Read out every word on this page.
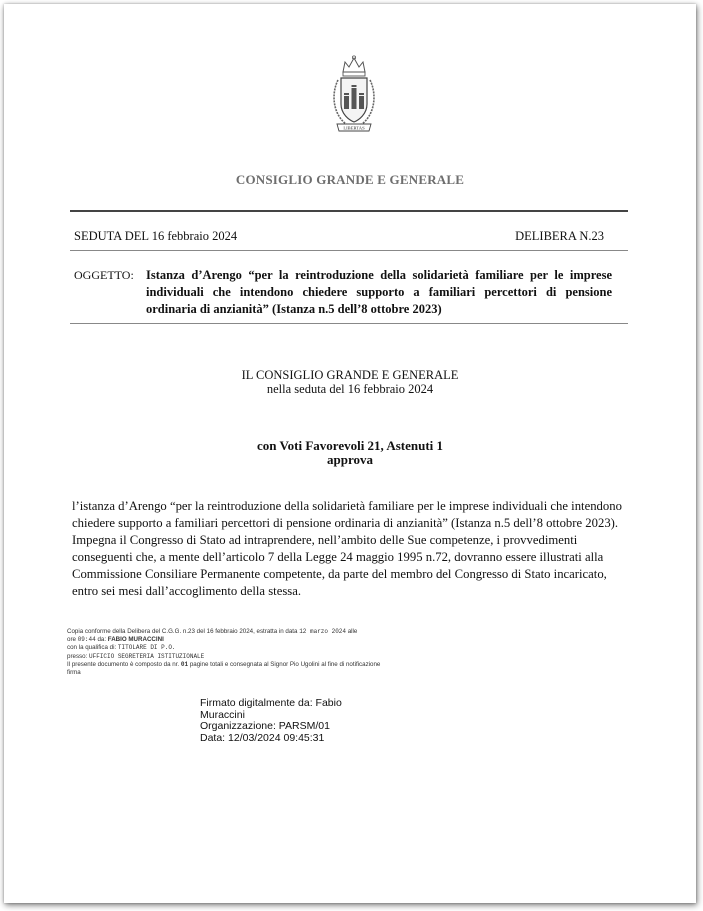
LIBERTAS
CONSIGLIO GRANDE E GENERALE
SEDUTA DEL 16 febbraio 2024	DELIBERA N.23
OGGETTO: Istanza d’Arengo “per la reintroduzione della solidarietà familiare per le imprese individuali che intendono chiedere supporto a familiari percettori di pensione ordinaria di anzianità” (Istanza n.5 dell’8 ottobre 2023)
IL CONSIGLIO GRANDE E GENERALE
nella seduta del 16 febbraio 2024
con Voti Favorevoli 21, Astenuti 1
approva

l’istanza d’Arengo “per la reintroduzione della solidarietà familiare per le imprese individuali che intendono chiedere supporto a familiari percettori di pensione ordinaria di anzianità” (Istanza n.5 dell’8 ottobre 2023).

Impegna il Congresso di Stato ad intraprendere, nell’ambito delle Sue competenze, i provvedimenti conseguenti che, a mente dell’articolo 7 della Legge 24 maggio 1995 n.72, dovranno essere illustrati alla Commissione Consiliare Permanente competente, da parte del membro del Congresso di Stato incaricato, entro sei mesi dall’accoglimento della stessa.

Copia conforme della Delibera del C.G.G. n.23 del 16 febbraio 2024, estratta in data 12 marzo 2024 alle
ore 09:44 da: FABIO MURACCINI
con la qualifica di: TITOLARE DI P.O.
presso: UFFICIO SEGRETERIA ISTITUZIONALE
Il presente documento è composto da nr. 01 pagine totali e consegnata al Signor Pio Ugolini al fine di notificazione
firma
Firmato digitalmente da: Fabio
Muraccini
Organizzazione: PARSM/01
Data: 12/03/2024 09:45:31
